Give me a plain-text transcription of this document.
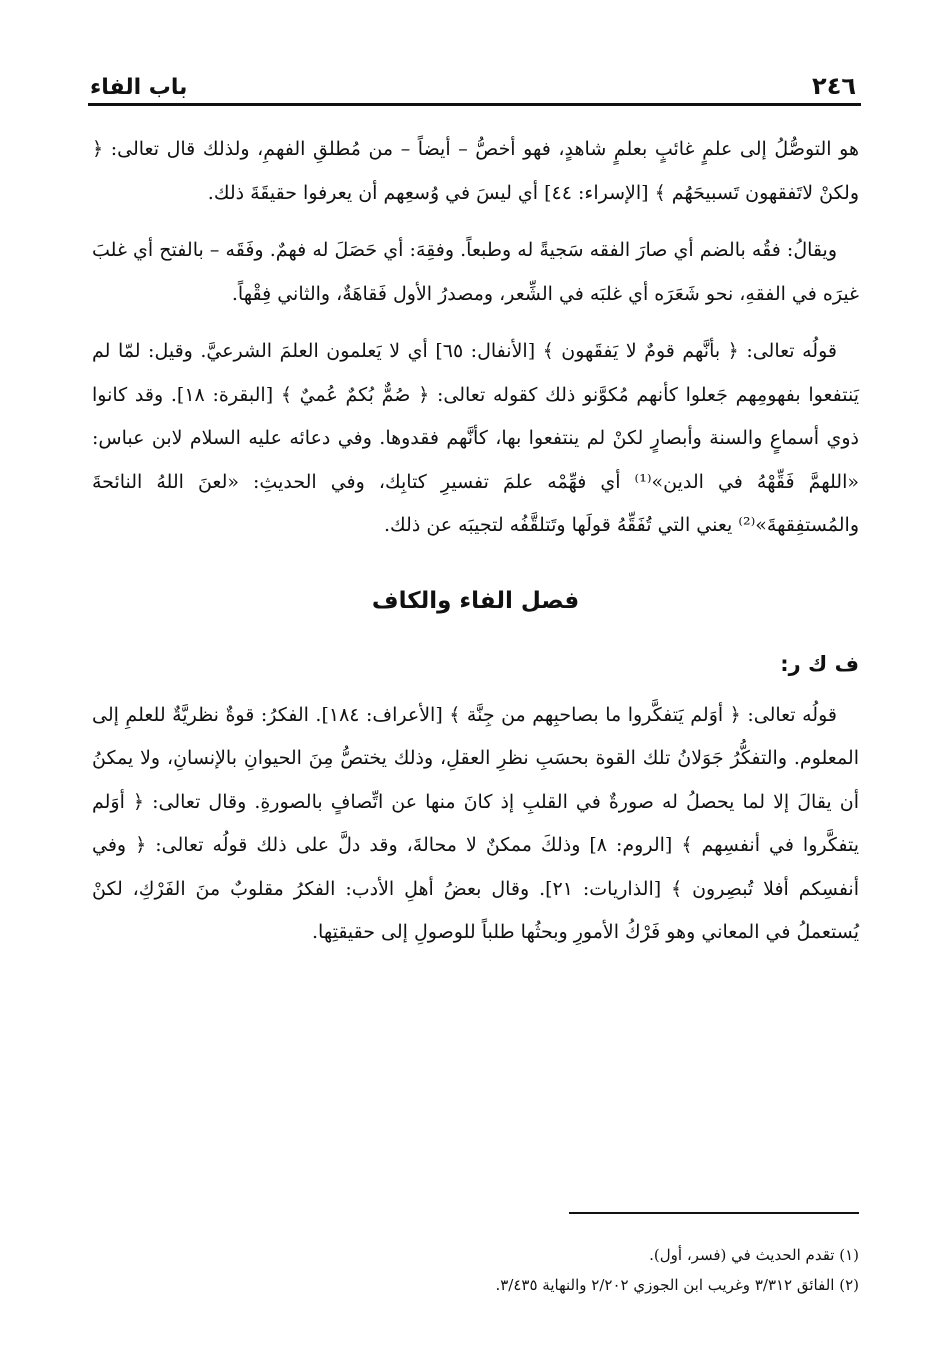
٢٤٦
باب الفاء

هو التوصُّلُ إلى علمٍ غائبٍ بعلمٍ شاهدٍ، فهو أخصُّ – أيضاً – من مُطلقِ الفهمِ، ولذلك قال تعالى: ﴿ ولكنْ لاتَفقهون تَسبيحَهُم ﴾ [الإسراء: ٤٤] أي ليسَ في وُسعِهم أن يعرفوا حقيقَةَ ذلك.

ويقالُ: فقُه بالضم أي صارَ الفقه سَجيةً له وطبعاً. وفقِهَ: أي حَصَلَ له فهمٌ. وفَقَه – بالفتح أي غلبَ غيرَه في الفقهِ، نحو شَعَرَه أي غلبَه في الشِّعر، ومصدرُ الأول فَقاهَةٌ، والثاني فِقْهاً.

قولُه تعالى: ﴿ بأنَّهم قومٌ لا يَفقَهون ﴾ [الأنفال: ٦٥] أي لا يَعلمون العلمَ الشرعيَّ. وقيل: لمّا لم يَنتفعوا بفهومِهم جَعلوا كأنهم مُكوَّنو ذلك كقوله تعالى: ﴿ صُمٌّ بُكمٌ عُميٌ ﴾ [البقرة: ١٨]. وقد كانوا ذوي أسماعٍ والسنة وأبصارٍ لكنْ لم ينتفعوا بها، كأنَّهم فقدوها. وفي دعائه عليه السلام لابن عباس: «اللهمَّ فَقِّهْهُ في الدين»⁽¹⁾ أي فهِّمْه علمَ تفسيرِ كتابِك، وفي الحديثِ: «لعنَ اللهُ النائحةَ والمُستفِقهةَ»⁽²⁾ يعني التي تُفَقِّهُ قولَها وتَتلقَّفُه لتجيبَه عن ذلك.

فصل الفاء والكاف
ف ك ر:

قولُه تعالى: ﴿ أوَلم يَتفكَّروا ما بصاحبِهم من جِنَّة ﴾ [الأعراف: ١٨٤]. الفكرُ: قوةٌ نظريَّةٌ للعلمِ إلى المعلوم. والتفكُّرُ جَوَلانُ تلك القوة بحسَبِ نظرِ العقلِ، وذلك يختصُّ مِنَ الحيوانِ بالإنسانِ، ولا يمكنُ أن يقالَ إلا لما يحصلُ له صورةٌ في القلبِ إذ كانَ منها عن اتِّصافٍ بالصورةِ. وقال تعالى: ﴿ أوَلم يتفكَّروا في أنفسِهم ﴾ [الروم: ٨] وذلكَ ممكنٌ لا محالةَ، وقد دلَّ على ذلك قولُه تعالى: ﴿ وفي أنفسِكم أفلا تُبصِرون ﴾ [الذاريات: ٢١]. وقال بعضُ أهلِ الأدب: الفكرُ مقلوبٌ منَ الفَرْكِ، لكنْ يُستعملُ في المعاني وهو فَرْكُ الأمورِ وبحثُها طلباً للوصولِ إلى حقيقتِها.

(١) تقدم الحديث في (فسر، أول).

(٢) الفائق ٣/٣١٢ وغريب ابن الجوزي ٢/٢٠٢ والنهاية ٣/٤٣٥.
